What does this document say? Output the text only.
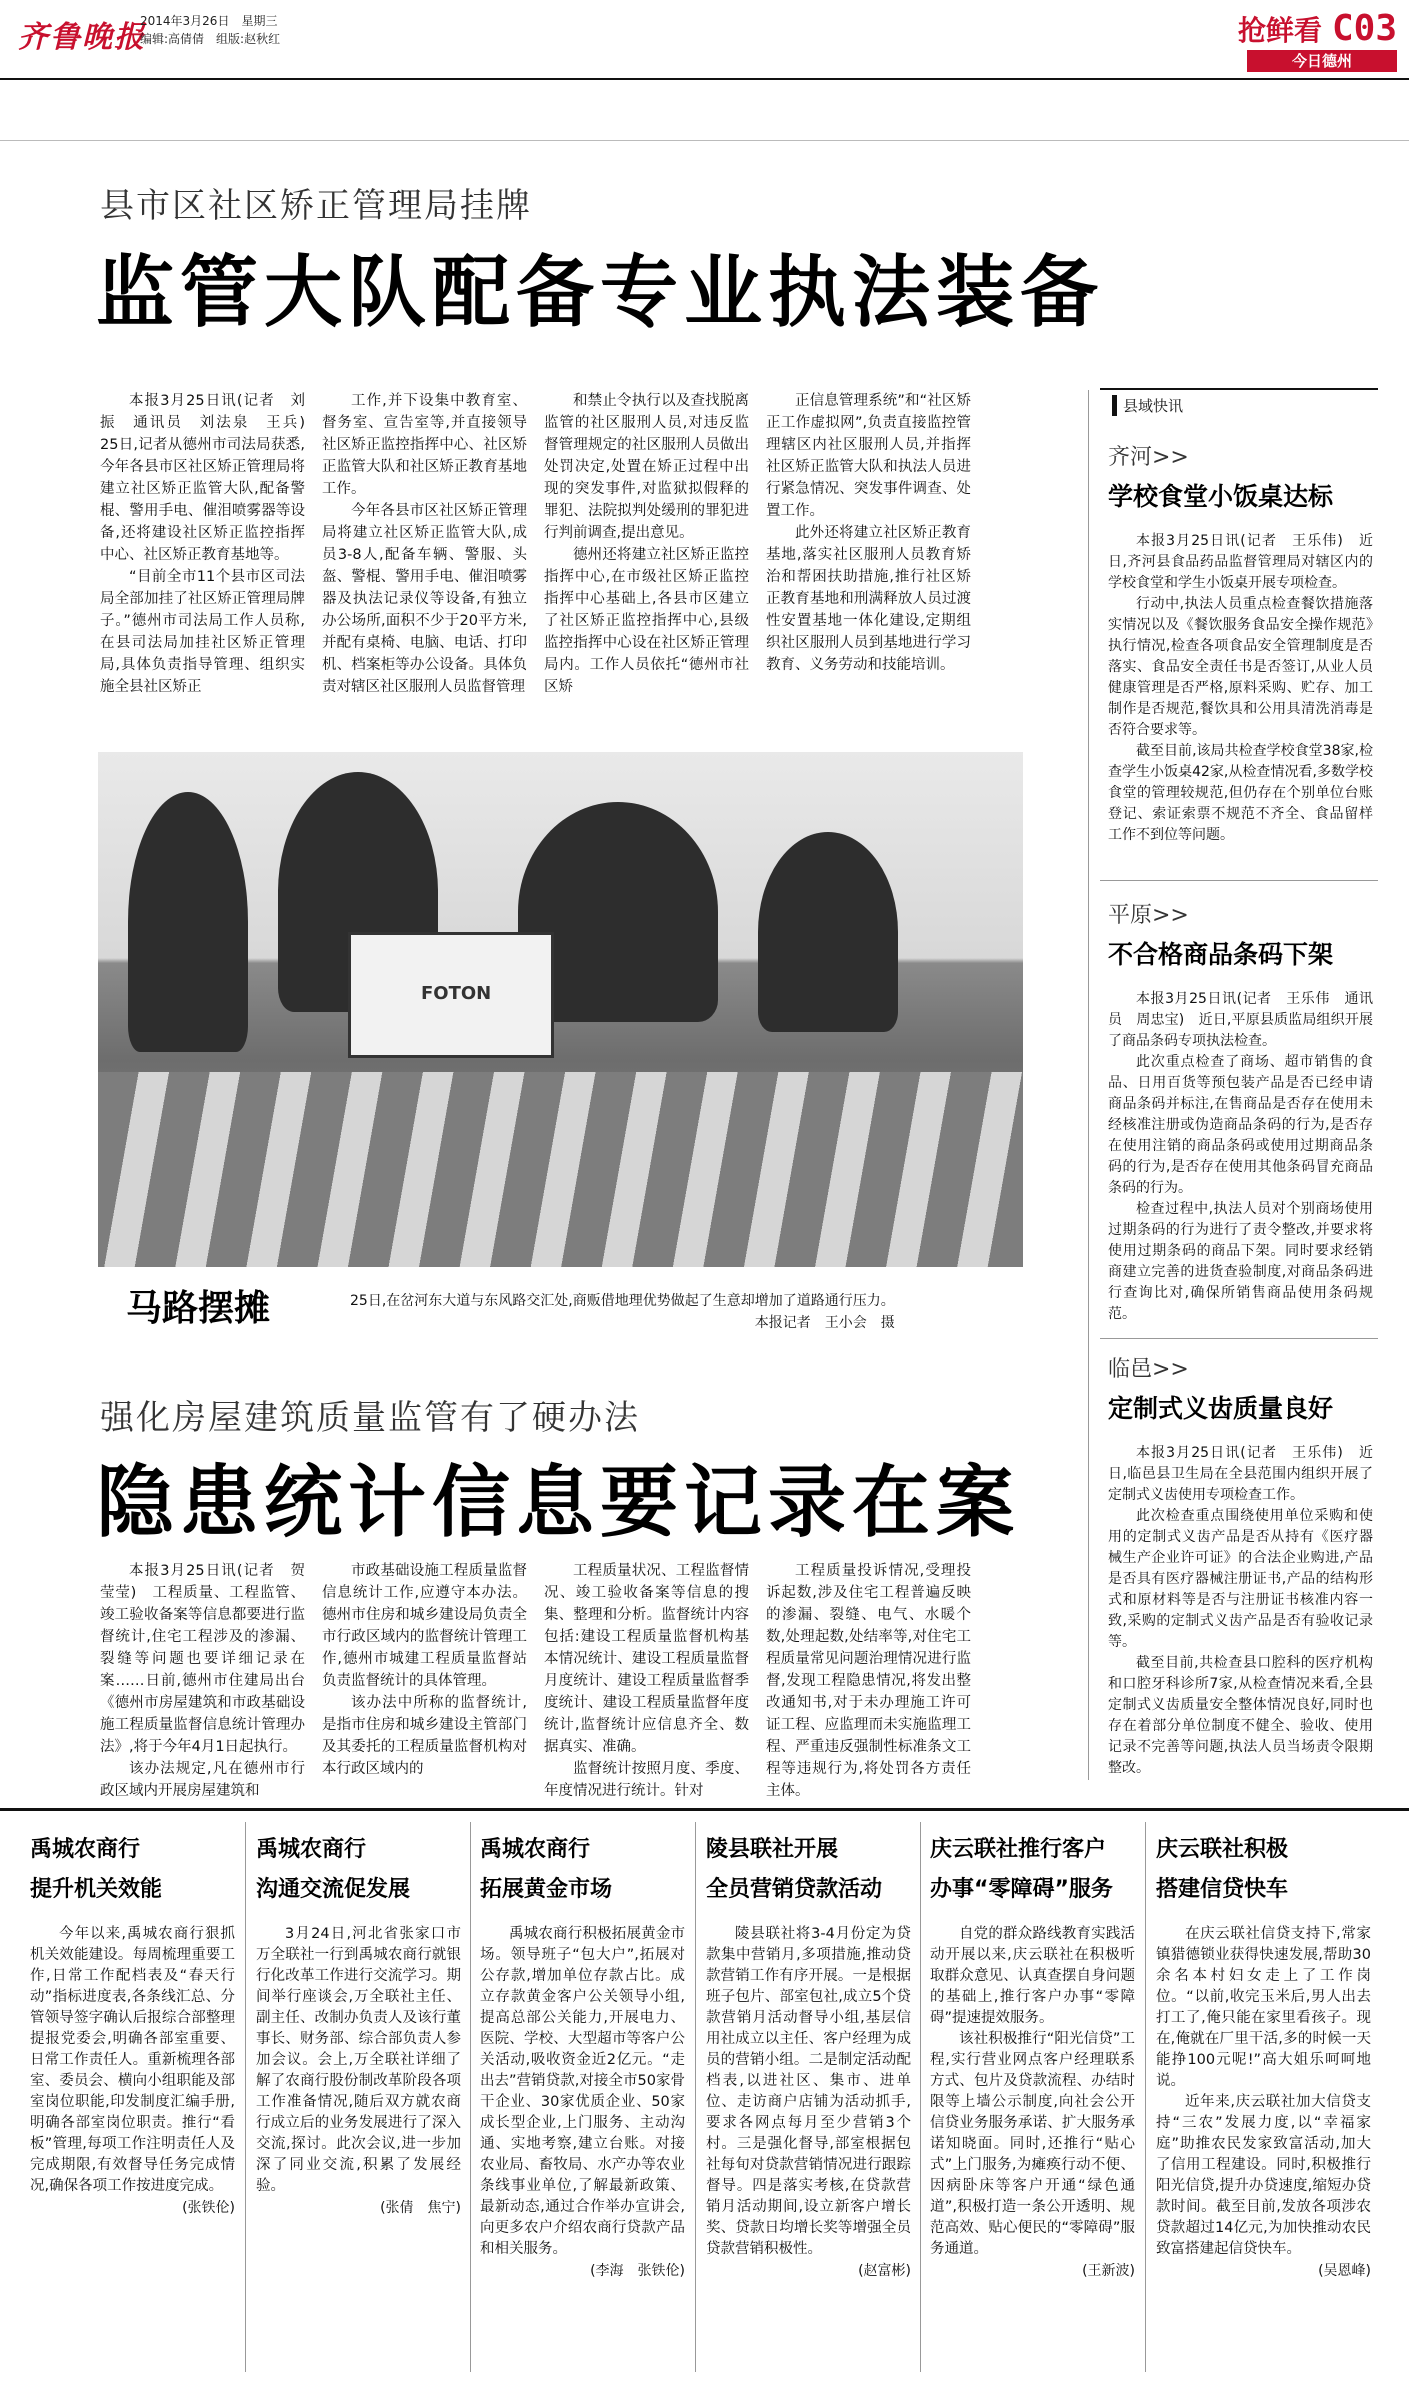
齐鲁晚报
2014年3月26日　星期三
编辑:高倩倩　组版:赵秋红	抢鲜看 C03
今日德州
县市区社区矫正管理局挂牌
监管大队配备专业执法装备

本报3月25日讯(记者　刘振　通讯员　刘法泉　王兵)　25日,记者从德州市司法局获悉,今年各县市区社区矫正管理局将建立社区矫正监管大队,配备警棍、警用手电、催泪喷雾器等设备,还将建设社区矫正监控指挥中心、社区矫正教育基地等。

“目前全市11个县市区司法局全部加挂了社区矫正管理局牌子。”德州市司法局工作人员称,在县司法局加挂社区矫正管理局,具体负责指导管理、组织实施全县社区矫正

工作,并下设集中教育室、督务室、宣告室等,并直接领导社区矫正监控指挥中心、社区矫正监管大队和社区矫正教育基地工作。

今年各县市区社区矫正管理局将建立社区矫正监管大队,成员3-8人,配备车辆、警服、头盔、警棍、警用手电、催泪喷雾器及执法记录仪等设备,有独立办公场所,面积不少于20平方米,并配有桌椅、电脑、电话、打印机、档案柜等办公设备。具体负责对辖区社区服刑人员监督管理

和禁止令执行以及查找脱离监管的社区服刑人员,对违反监督管理规定的社区服刑人员做出处罚决定,处置在矫正过程中出现的突发事件,对监狱拟假释的罪犯、法院拟判处缓刑的罪犯进行判前调查,提出意见。

德州还将建立社区矫正监控指挥中心,在市级社区矫正监控指挥中心基础上,各县市区建立了社区矫正监控指挥中心,县级监控指挥中心设在社区矫正管理局内。工作人员依托“德州市社区矫

正信息管理系统”和“社区矫正工作虚拟网”,负责直接监控管理辖区内社区服刑人员,并指挥社区矫正监管大队和执法人员进行紧急情况、突发事件调查、处置工作。

此外还将建立社区矫正教育基地,落实社区服刑人员教育矫治和帮困扶助措施,推行社区矫正教育基地和刑满释放人员过渡性安置基地一体化建设,定期组织社区服刑人员到基地进行学习教育、义务劳动和技能培训。

FOTON
马路摆摊	25日,在岔河东大道与东风路交汇处,商贩借地理优势做起了生意却增加了道路通行压力。
本报记者　王小会　摄
强化房屋建筑质量监管有了硬办法
隐患统计信息要记录在案

本报3月25日讯(记者　贺莹莹)　工程质量、工程监管、竣工验收备案等信息都要进行监督统计,住宅工程涉及的渗漏、裂缝等问题也要详细记录在案……日前,德州市住建局出台《德州市房屋建筑和市政基础设施工程质量监督信息统计管理办法》,将于今年4月1日起执行。

该办法规定,凡在德州市行政区域内开展房屋建筑和

市政基础设施工程质量监督信息统计工作,应遵守本办法。德州市住房和城乡建设局负责全市行政区域内的监督统计管理工作,德州市城建工程质量监督站负责监督统计的具体管理。

该办法中所称的监督统计,是指市住房和城乡建设主管部门及其委托的工程质量监督机构对本行政区域内的

工程质量状况、工程监督情况、竣工验收备案等信息的搜集、整理和分析。监督统计内容包括:建设工程质量监督机构基本情况统计、建设工程质量监督月度统计、建设工程质量监督季度统计、建设工程质量监督年度统计,监督统计应信息齐全、数据真实、准确。

监督统计按照月度、季度、年度情况进行统计。针对

工程质量投诉情况,受理投诉起数,涉及住宅工程普遍反映的渗漏、裂缝、电气、水暖个数,处理起数,处结率等,对住宅工程质量常见问题治理情况进行监督,发现工程隐患情况,将发出整改通知书,对于未办理施工许可证工程、应监理而未实施监理工程、严重违反强制性标准条文工程等违规行为,将处罚各方责任主体。

县域快讯
齐河>>
学校食堂小饭桌达标

本报3月25日讯(记者　王乐伟)　近日,齐河县食品药品监督管理局对辖区内的学校食堂和学生小饭桌开展专项检查。

行动中,执法人员重点检查餐饮措施落实情况以及《餐饮服务食品安全操作规范》执行情况,检查各项食品安全管理制度是否落实、食品安全责任书是否签订,从业人员健康管理是否严格,原料采购、贮存、加工制作是否规范,餐饮具和公用具清洗消毒是否符合要求等。

截至目前,该局共检查学校食堂38家,检查学生小饭桌42家,从检查情况看,多数学校食堂的管理较规范,但仍存在个别单位台账登记、索证索票不规范不齐全、食品留样工作不到位等问题。

平原>>
不合格商品条码下架

本报3月25日讯(记者　王乐伟　通讯员　周忠宝)　近日,平原县质监局组织开展了商品条码专项执法检查。

此次重点检查了商场、超市销售的食品、日用百货等预包装产品是否已经申请商品条码并标注,在售商品是否存在使用未经核准注册或伪造商品条码的行为,是否存在使用注销的商品条码或使用过期商品条码的行为,是否存在使用其他条码冒充商品条码的行为。

检查过程中,执法人员对个别商场使用过期条码的行为进行了责令整改,并要求将使用过期条码的商品下架。同时要求经销商建立完善的进货查验制度,对商品条码进行查询比对,确保所销售商品使用条码规范。

临邑>>
定制式义齿质量良好

本报3月25日讯(记者　王乐伟)　近日,临邑县卫生局在全县范围内组织开展了定制式义齿使用专项检查工作。

此次检查重点围绕使用单位采购和使用的定制式义齿产品是否从持有《医疗器械生产企业许可证》的合法企业购进,产品是否具有医疗器械注册证书,产品的结构形式和原材料等是否与注册证书核准内容一致,采购的定制式义齿产品是否有验收记录等。

截至目前,共检查县口腔科的医疗机构和口腔牙科诊所7家,从检查情况来看,全县定制式义齿质量安全整体情况良好,同时也存在着部分单位制度不健全、验收、使用记录不完善等问题,执法人员当场责令限期整改。

禹城农商行
提升机关效能

今年以来,禹城农商行狠抓机关效能建设。每周梳理重要工作,日常工作配档表及“春天行动”指标进度表,各条线汇总、分管领导签字确认后报综合部整理提报党委会,明确各部室重要、日常工作责任人。重新梳理各部室、委员会、横向小组职能及部室岗位职能,印发制度汇编手册,明确各部室岗位职责。推行“看板”管理,每项工作注明责任人及完成期限,有效督导任务完成情况,确保各项工作按进度完成。

(张铁伦)
禹城农商行
沟通交流促发展

3月24日,河北省张家口市万全联社一行到禹城农商行就银行化改革工作进行交流学习。期间举行座谈会,万全联社主任、副主任、改制办负责人及该行董事长、财务部、综合部负责人参加会议。会上,万全联社详细了解了农商行股份制改革阶段各项工作准备情况,随后双方就农商行成立后的业务发展进行了深入交流,探讨。此次会议,进一步加深了同业交流,积累了发展经验。

(张倩　焦宁)
禹城农商行
拓展黄金市场

禹城农商行积极拓展黄金市场。领导班子“包大户”,拓展对公存款,增加单位存款占比。成立存款黄金客户公关领导小组,提高总部公关能力,开展电力、医院、学校、大型超市等客户公关活动,吸收资金近2亿元。“走出去”营销贷款,对接全市50家骨干企业、30家优质企业、50家成长型企业,上门服务、主动沟通、实地考察,建立台账。对接农业局、畜牧局、水产办等农业条线事业单位,了解最新政策、最新动态,通过合作举办宣讲会,向更多农户介绍农商行贷款产品和相关服务。

(李海　张铁伦)
陵县联社开展
全员营销贷款活动

陵县联社将3-4月份定为贷款集中营销月,多项措施,推动贷款营销工作有序开展。一是根据班子包片、部室包社,成立5个贷款营销月活动督导小组,基层信用社成立以主任、客户经理为成员的营销小组。二是制定活动配档表,以进社区、集市、进单位、走访商户店铺为活动抓手,要求各网点每月至少营销3个村。三是强化督导,部室根据包社每旬对贷款营销情况进行跟踪督导。四是落实考核,在贷款营销月活动期间,设立新客户增长奖、贷款日均增长奖等增强全员贷款营销积极性。

(赵富彬)
庆云联社推行客户
办事“零障碍”服务

自党的群众路线教育实践活动开展以来,庆云联社在积极听取群众意见、认真查摆自身问题的基础上,推行客户办事“零障碍”提速提效服务。

该社积极推行“阳光信贷”工程,实行营业网点客户经理联系方式、包片及贷款流程、办结时限等上墙公示制度,向社会公开信贷业务服务承诺、扩大服务承诺知晓面。同时,还推行“贴心式”上门服务,为瘫痪行动不便、因病卧床等客户开通“绿色通道”,积极打造一条公开透明、规范高效、贴心便民的“零障碍”服务通道。

(王新波)
庆云联社积极
搭建信贷快车

在庆云联社信贷支持下,常家镇猎德锁业获得快速发展,帮助30余名本村妇女走上了工作岗位。“以前,收完玉米后,男人出去打工了,俺只能在家里看孩子。现在,俺就在厂里干活,多的时候一天能挣100元呢!”高大姐乐呵呵地说。

近年来,庆云联社加大信贷支持“三农”发展力度,以“幸福家庭”助推农民发家致富活动,加大了信用工程建设。同时,积极推行阳光信贷,提升办贷速度,缩短办贷款时间。截至目前,发放各项涉农贷款超过14亿元,为加快推动农民致富搭建起信贷快车。

(吴恩峰)
